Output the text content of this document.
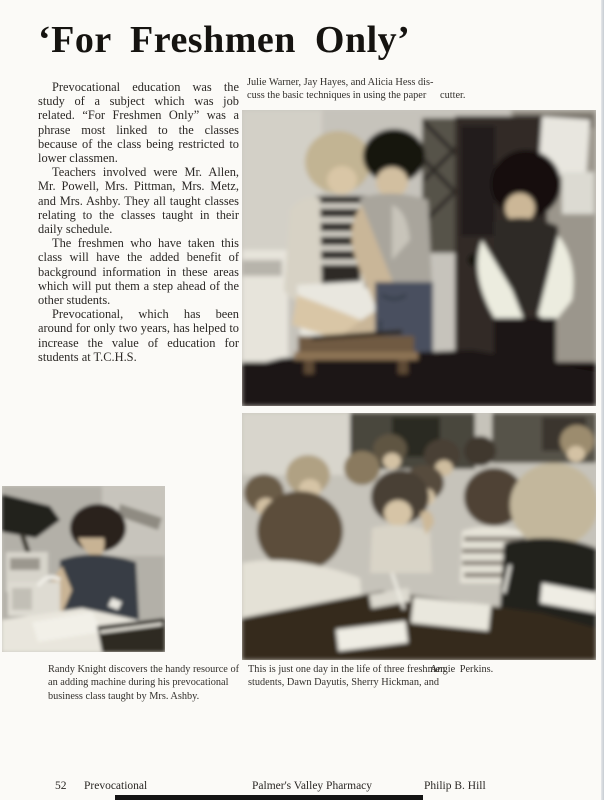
‘For Freshmen Only’

Prevocational education was the study of a subject which was job related. “For Freshmen Only” was a phrase most linked to the classes because of the class being restricted to lower classmen.

Teachers involved were Mr. Allen, Mr. Powell, Mrs. Pittman, Mrs. Metz, and Mrs. Ashby. They all taught classes relating to the classes taught in their daily schedule.

The freshmen who have taken this class will have the added benefit of background information in these areas which will put them a step ahead of the other students.

Prevocational, which has been around for only two years, has helped to increase the value of education for students at T.C.H.S.

Julie Warner, Jay Hayes, and Alicia Hess dis-
cuss the basic techniques in using the paper	cutter.
Randy Knight discovers the handy resource of
an adding machine during his prevocational
business class taught by Mrs. Ashby.
This is just one day in the life of three freshmen
students, Dawn Dayutis, Sherry Hickman, and
Angie Perkins.
52 Prevocational	Palmer's Valley Pharmacy	Philip B. Hill
